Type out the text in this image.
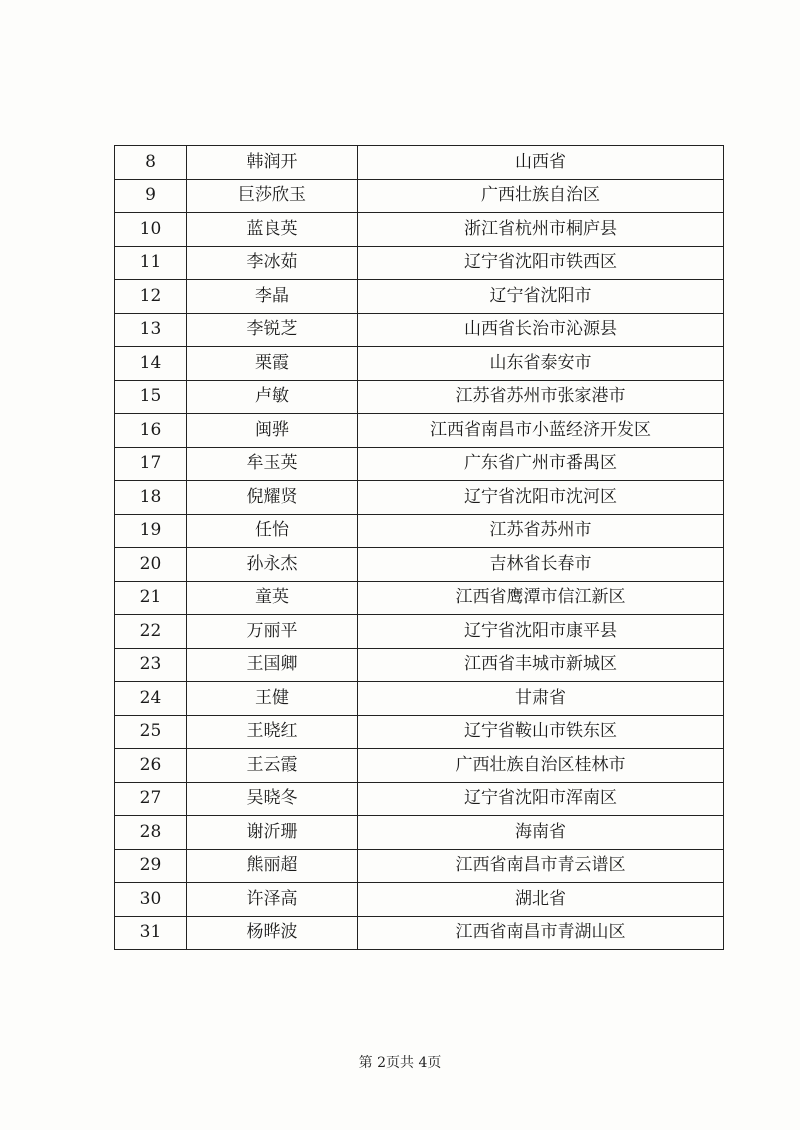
8	韩润开	山西省
9	巨莎欣玉	广西壮族自治区
10	蓝良英	浙江省杭州市桐庐县
11	李冰茹	辽宁省沈阳市铁西区
12	李晶	辽宁省沈阳市
13	李锐芝	山西省长治市沁源县
14	栗霞	山东省泰安市
15	卢敏	江苏省苏州市张家港市
16	闽骅	江西省南昌市小蓝经济开发区
17	牟玉英	广东省广州市番禺区
18	倪耀贤	辽宁省沈阳市沈河区
19	任怡	江苏省苏州市
20	孙永杰	吉林省长春市
21	童英	江西省鹰潭市信江新区
22	万丽平	辽宁省沈阳市康平县
23	王国卿	江西省丰城市新城区
24	王健	甘肃省
25	王晓红	辽宁省鞍山市铁东区
26	王云霞	广西壮族自治区桂林市
27	吴晓冬	辽宁省沈阳市浑南区
28	谢沂珊	海南省
29	熊丽超	江西省南昌市青云谱区
30	许泽高	湖北省
31	杨晔波	江西省南昌市青湖山区
第 2页共 4页
